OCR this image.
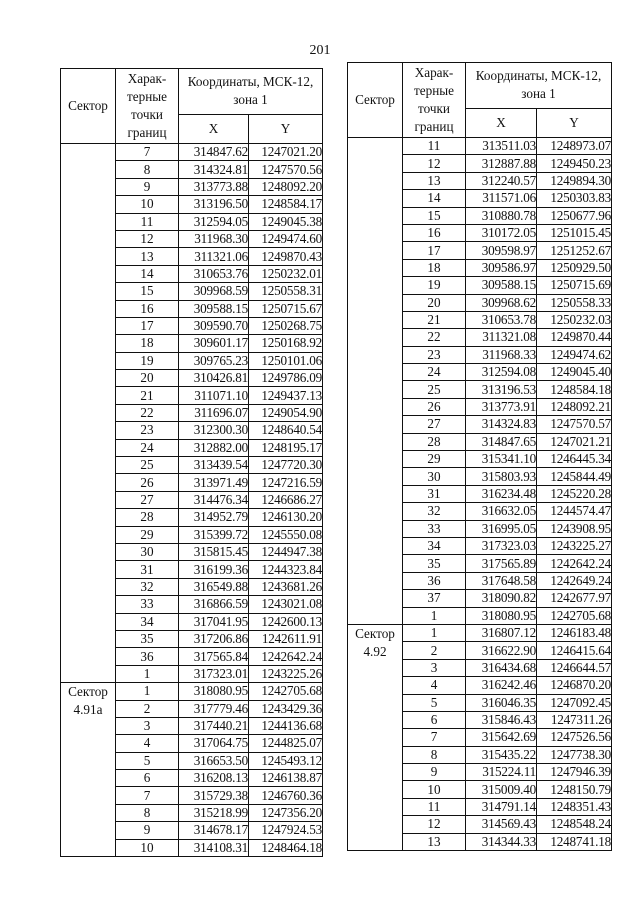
201
Сектор	Харак-терные точки границ	Координаты, МСК-12, зона 1	
		X	Y
	7	314847.62	1247021.20
	8	314324.81	1247570.56
	9	313773.88	1248092.20
	10	313196.50	1248584.17
	11	312594.05	1249045.38
	12	311968.30	1249474.60
	13	311321.06	1249870.43
	14	310653.76	1250232.01
	15	309968.59	1250558.31
	16	309588.15	1250715.67
	17	309590.70	1250268.75
	18	309601.17	1250168.92
	19	309765.23	1250101.06
	20	310426.81	1249786.09
	21	311071.10	1249437.13
	22	311696.07	1249054.90
	23	312300.30	1248640.54
	24	312882.00	1248195.17
	25	313439.54	1247720.30
	26	313971.49	1247216.59
	27	314476.34	1246686.27
	28	314952.79	1246130.20
	29	315399.72	1245550.08
	30	315815.45	1244947.38
	31	316199.36	1244323.84
	32	316549.88	1243681.26
	33	316866.59	1243021.08
	34	317041.95	1242600.13
	35	317206.86	1242611.91
	36	317565.84	1242642.24
	1	317323.01	1243225.26
Сектор 4.91а	1	318080.95	1242705.68
	2	317779.46	1243429.36
	3	317440.21	1244136.68
	4	317064.75	1244825.07
	5	316653.50	1245493.12
	6	316208.13	1246138.87
	7	315729.38	1246760.36
	8	315218.99	1247356.20
	9	314678.17	1247924.53
	10	314108.31	1248464.18
Сектор	Харак-терные точки границ	Координаты, МСК-12, зона 1	
		X	Y
	11	313511.03	1248973.07
	12	312887.88	1249450.23
	13	312240.57	1249894.30
	14	311571.06	1250303.83
	15	310880.78	1250677.96
	16	310172.05	1251015.45
	17	309598.97	1251252.67
	18	309586.97	1250929.50
	19	309588.15	1250715.69
	20	309968.62	1250558.33
	21	310653.78	1250232.03
	22	311321.08	1249870.44
	23	311968.33	1249474.62
	24	312594.08	1249045.40
	25	313196.53	1248584.18
	26	313773.91	1248092.21
	27	314324.83	1247570.57
	28	314847.65	1247021.21
	29	315341.10	1246445.34
	30	315803.93	1245844.49
	31	316234.48	1245220.28
	32	316632.05	1244574.47
	33	316995.05	1243908.95
	34	317323.03	1243225.27
	35	317565.89	1242642.24
	36	317648.58	1242649.24
	37	318090.82	1242677.97
	1	318080.95	1242705.68
Сектор 4.92	1	316807.12	1246183.48
	2	316622.90	1246415.64
	3	316434.68	1246644.57
	4	316242.46	1246870.20
	5	316046.35	1247092.45
	6	315846.43	1247311.26
	7	315642.69	1247526.56
	8	315435.22	1247738.30
	9	315224.11	1247946.39
	10	315009.40	1248150.79
	11	314791.14	1248351.43
	12	314569.43	1248548.24
	13	314344.33	1248741.18
